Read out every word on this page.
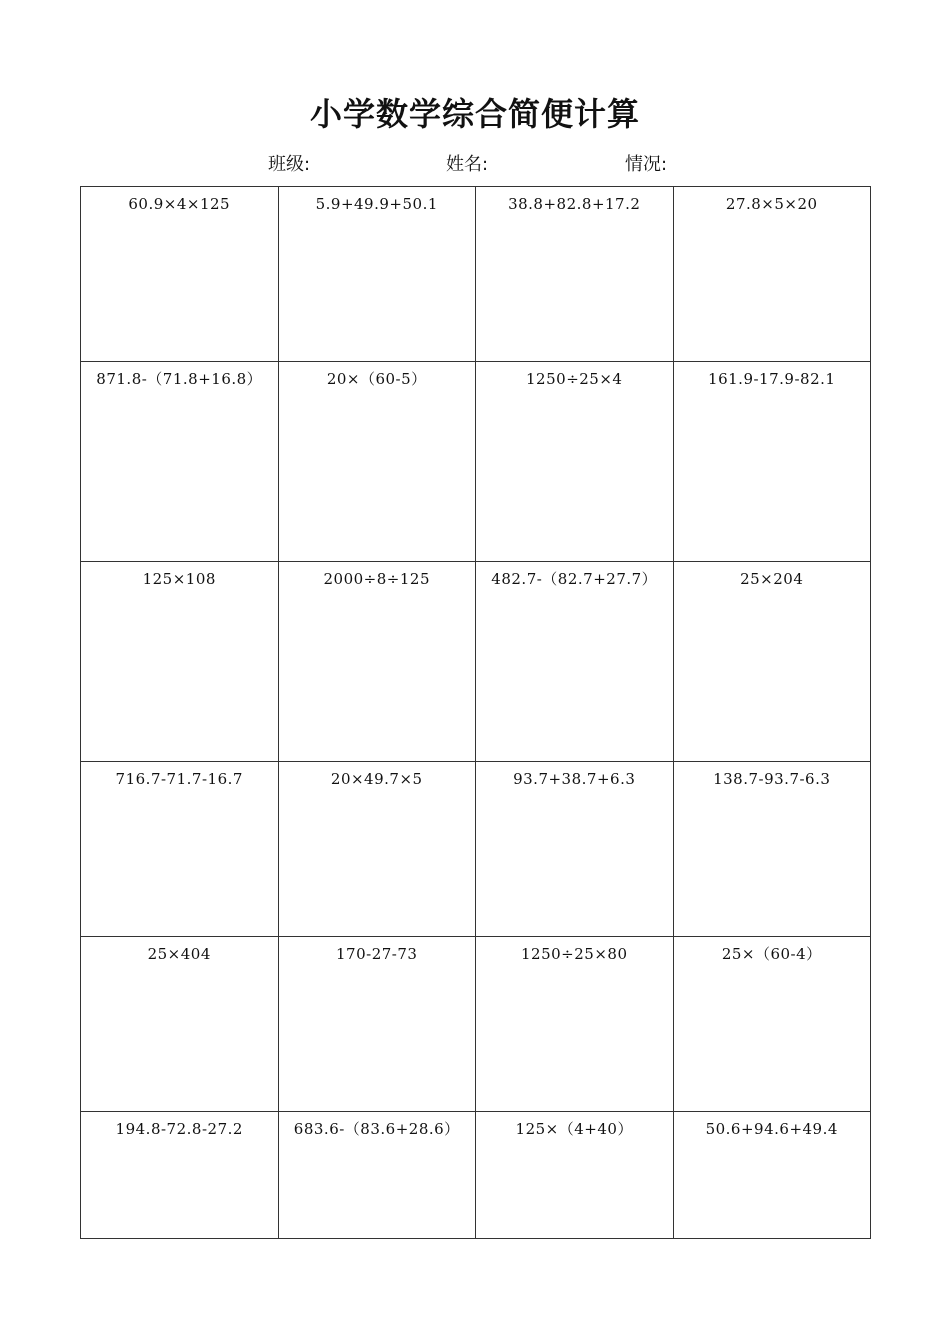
小学数学综合简便计算
班级:	姓名:	情况:
60.9×4×125	5.9+49.9+50.1	38.8+82.8+17.2	27.8×5×20
871.8-（71.8+16.8）	20×（60-5）	1250÷25×4	161.9-17.9-82.1
125×108	2000÷8÷125	482.7-（82.7+27.7）	25×204
716.7-71.7-16.7	20×49.7×5	93.7+38.7+6.3	138.7-93.7-6.3
25×404	170-27-73	1250÷25×80	25×（60-4）
194.8-72.8-27.2	683.6-（83.6+28.6）	125×（4+40）	50.6+94.6+49.4
